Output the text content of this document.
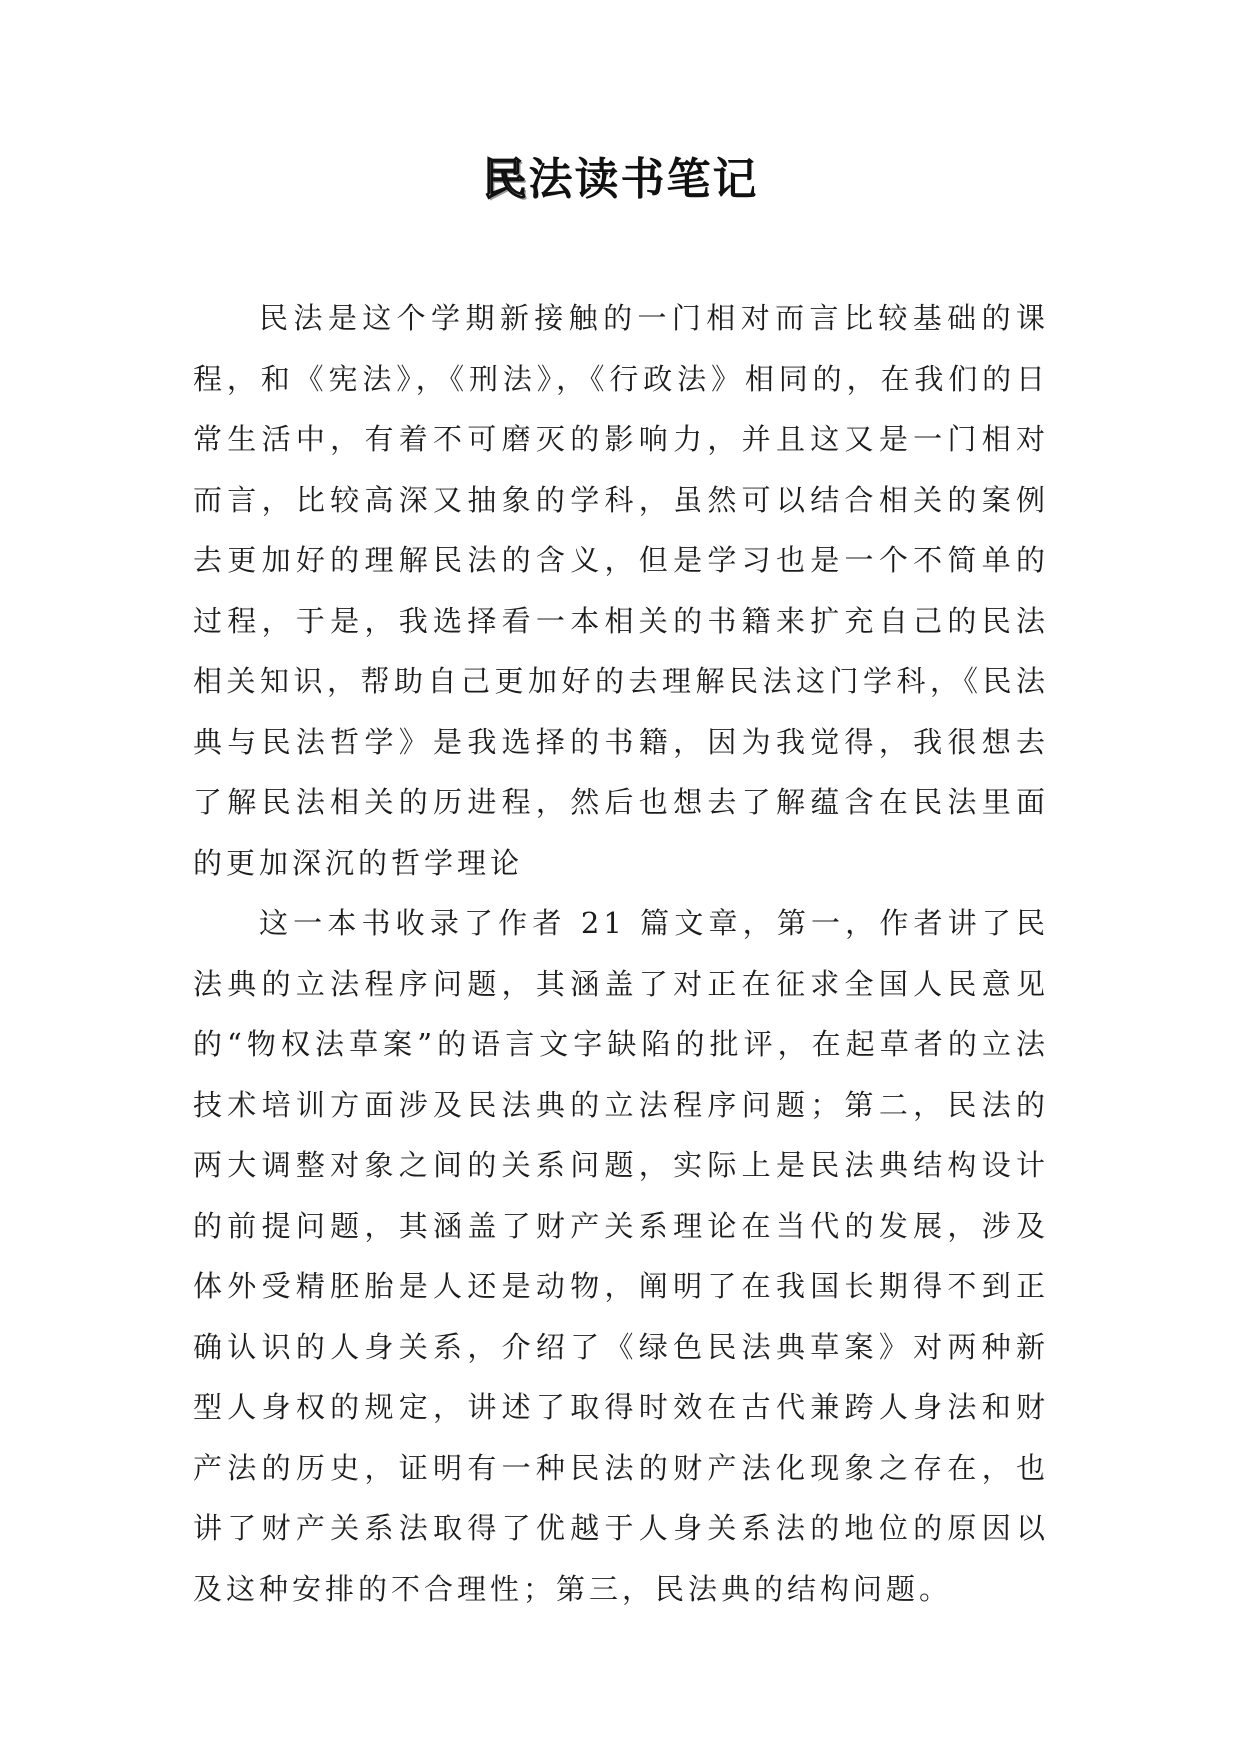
民法读书笔记

民法是这个学期新接触的一门相对而言比较基础的课程，和《宪法》，《刑法》，《行政法》相同的，在我们的日常生活中，有着不可磨灭的影响力，并且这又是一门相对而言，比较高深又抽象的学科，虽然可以结合相关的案例去更加好的理解民法的含义，但是学习也是一个不简单的过程，于是，我选择看一本相关的书籍来扩充自己的民法相关知识，帮助自己更加好的去理解民法这门学科，《民法典与民法哲学》是我选择的书籍，因为我觉得，我很想去了解民法相关的历进程，然后也想去了解蕴含在民法里面的更加深沉的哲学理论

这一本书收录了作者 21 篇文章，第一，作者讲了民法典的立法程序问题，其涵盖了对正在征求全国人民意见的“物权法草案”的语言文字缺陷的批评，在起草者的立法技术培训方面涉及民法典的立法程序问题；第二，民法的两大调整对象之间的关系问题，实际上是民法典结构设计的前提问题，其涵盖了财产关系理论在当代的发展，涉及体外受精胚胎是人还是动物，阐明了在我国长期得不到正确认识的人身关系，介绍了《绿色民法典草案》对两种新型人身权的规定，讲述了取得时效在古代兼跨人身法和财产法的历史，证明有一种民法的财产法化现象之存在，也讲了财产关系法取得了优越于人身关系法的地位的原因以及这种安排的不合理性；第三，民法典的结构问题。
